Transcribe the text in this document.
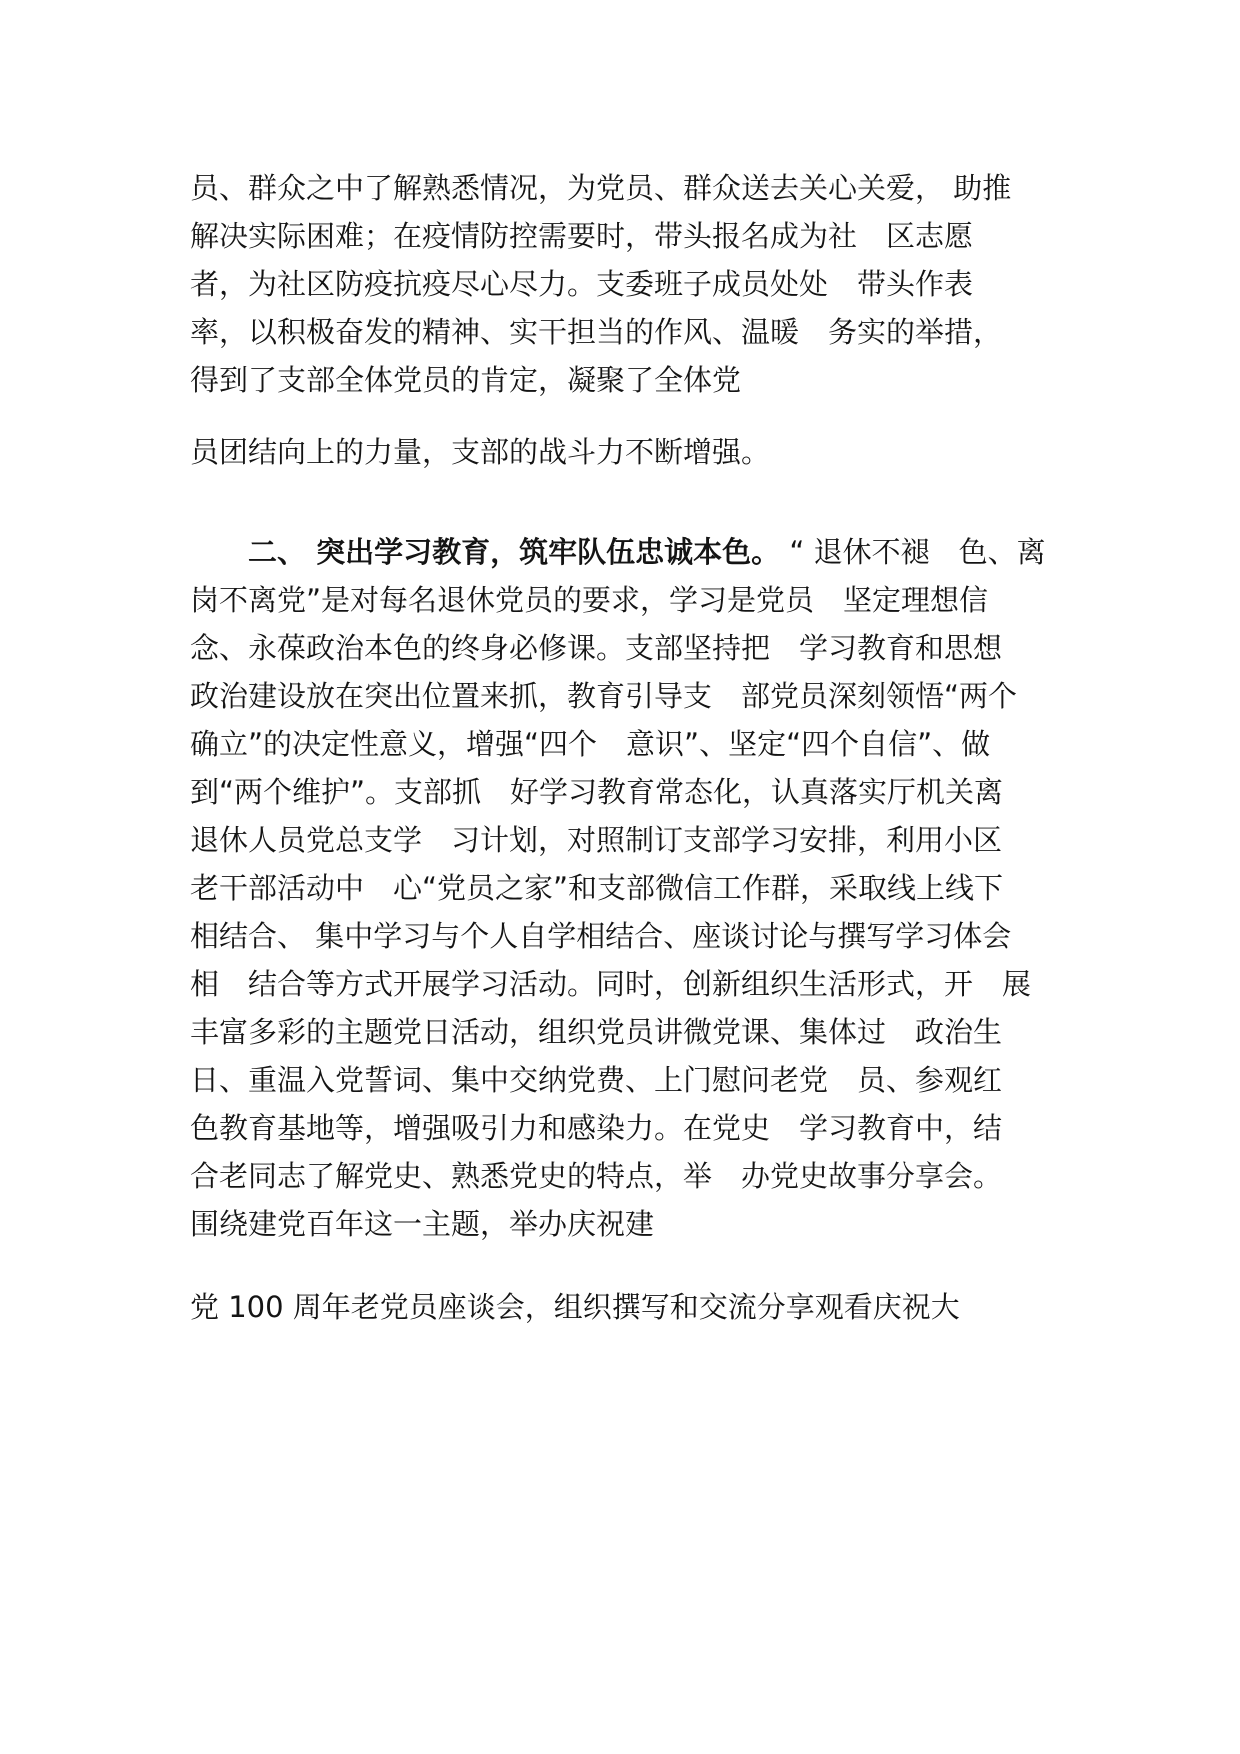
员、群众之中了解熟悉情况，为党员、群众送去关心关爱， 助推
解决实际困难；在疫情防控需要时，带头报名成为社　区志愿
者，为社区防疫抗疫尽心尽力。支委班子成员处处　带头作表
率，以积极奋发的精神、实干担当的作风、温暖　务实的举措，
得到了支部全体党员的肯定，凝聚了全体党
员团结向上的力量，支部的战斗力不断增强。
二、 突出学习教育，筑牢队伍忠诚本色。 “ 退休不褪　色、离
岗不离党”是对每名退休党员的要求，学习是党员　坚定理想信
念、永葆政治本色的终身必修课。支部坚持把　学习教育和思想
政治建设放在突出位置来抓，教育引导支　部党员深刻领悟“两个
确立”的决定性意义，增强“四个　意识”、坚定“四个自信”、做
到“两个维护”。支部抓　好学习教育常态化，认真落实厅机关离
退休人员党总支学　习计划，对照制订支部学习安排，利用小区
老干部活动中　心“党员之家”和支部微信工作群，采取线上线下
相结合、 集中学习与个人自学相结合、座谈讨论与撰写学习体会
相　结合等方式开展学习活动。同时，创新组织生活形式，开　展
丰富多彩的主题党日活动，组织党员讲微党课、集体过　政治生
日、重温入党誓词、集中交纳党费、上门慰问老党　员、参观红
色教育基地等，增强吸引力和感染力。在党史　学习教育中，结
合老同志了解党史、熟悉党史的特点，举　办党史故事分享会。
围绕建党百年这一主题，举办庆祝建
党 100 周年老党员座谈会，组织撰写和交流分享观看庆祝大
